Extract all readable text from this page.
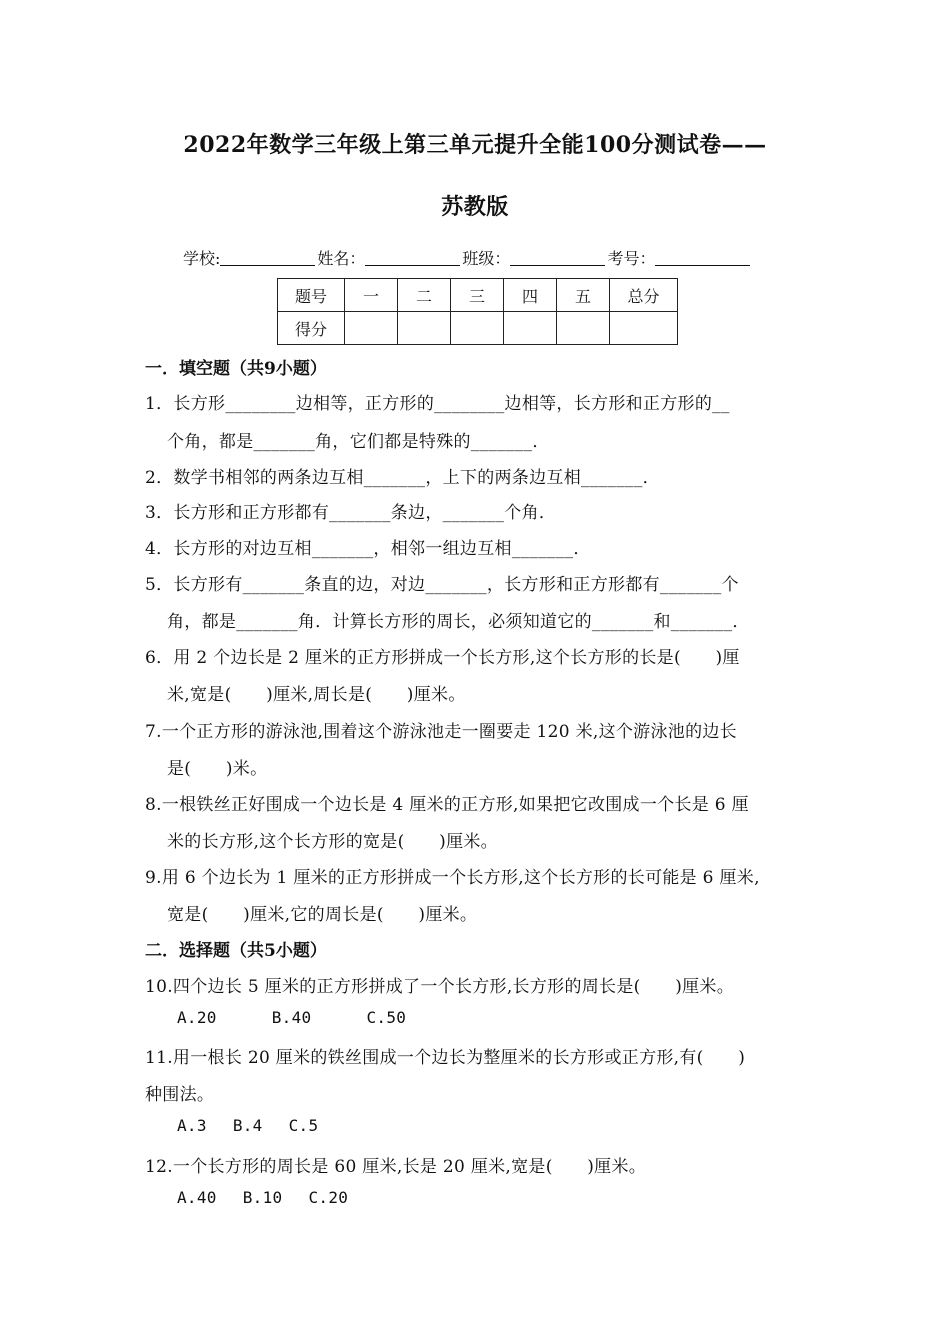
2022年数学三年级上第三单元提升全能100分测试卷——
苏教版
学校:	姓名：	班级：	考号：
题号	一	二	三	四	五	总分
得分						
一．填空题（共9小题）
1．长方形________边相等，正方形的________边相等，长方形和正方形的__
个角，都是_______角，它们都是特殊的_______．
2．数学书相邻的两条边互相_______，上下的两条边互相_______．
3．长方形和正方形都有_______条边，_______个角．
4．长方形的对边互相_______，相邻一组边互相_______．
5．长方形有_______条直的边，对边_______，长方形和正方形都有_______个
角，都是_______角．计算长方形的周长，必须知道它的_______和_______．
6．用 2 个边长是 2 厘米的正方形拼成一个长方形,这个长方形的长是(　　)厘
米,宽是(　　)厘米,周长是(　　)厘米。
7.一个正方形的游泳池,围着这个游泳池走一圈要走 120 米,这个游泳池的边长
是(　　)米。
8.一根铁丝正好围成一个边长是 4 厘米的正方形,如果把它改围成一个长是 6 厘
米的长方形,这个长方形的宽是(　　)厘米。
9.用 6 个边长为 1 厘米的正方形拼成一个长方形,这个长方形的长可能是 6 厘米,
宽是(　　)厘米,它的周长是(　　)厘米。
二．选择题（共5小题）
10.四个边长 5 厘米的正方形拼成了一个长方形,长方形的周长是(　　)厘米。
A.20	B.40	C.50
11.用一根长 20 厘米的铁丝围成一个边长为整厘米的长方形或正方形,有(　　)
种围法。
A.3 B.4 C.5
12.一个长方形的周长是 60 厘米,长是 20 厘米,宽是(　　)厘米。
A.40 B.10 C.20
